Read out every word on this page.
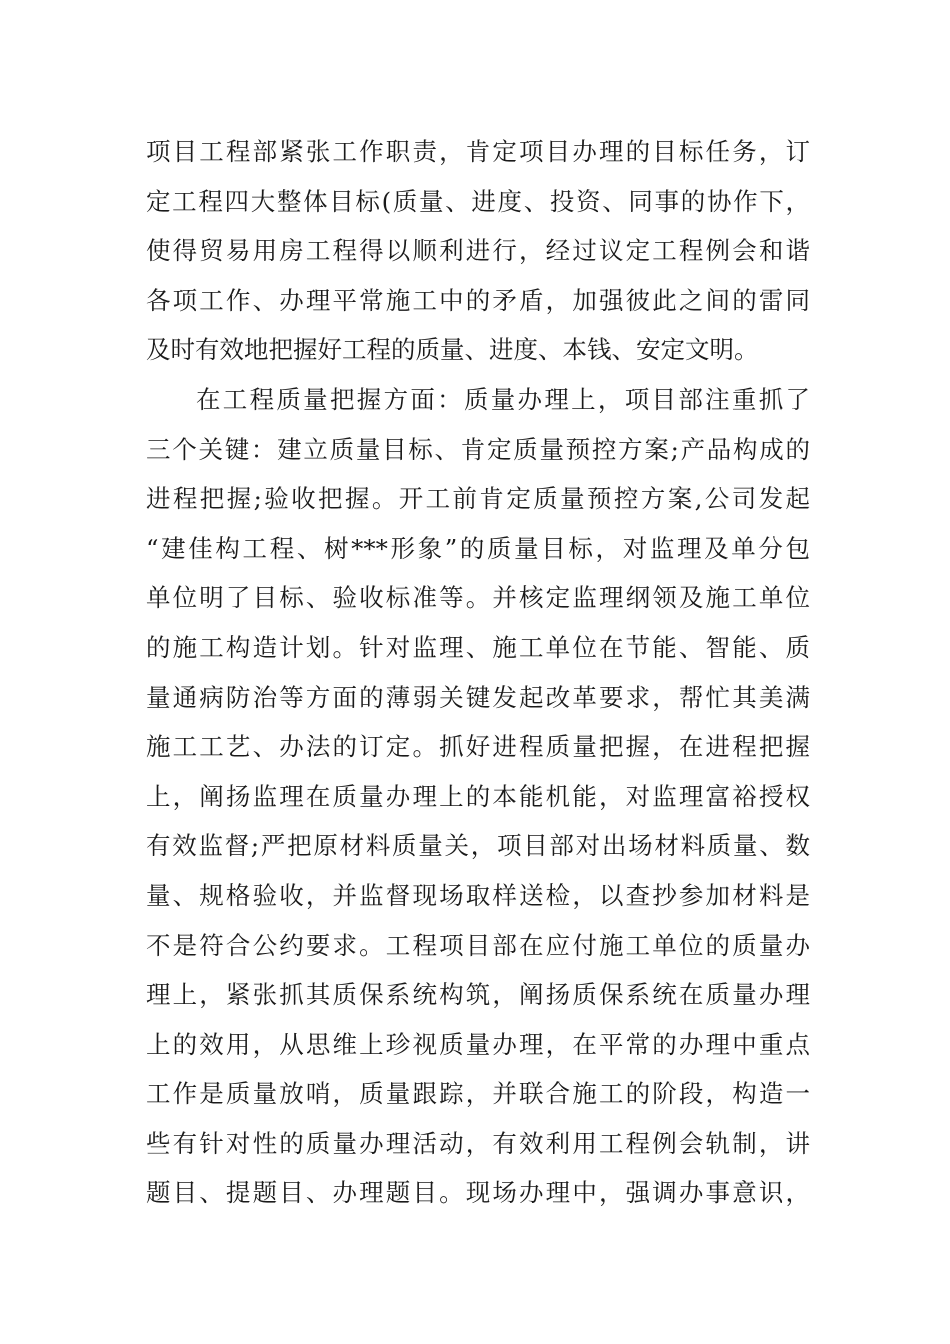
项目工程部紧张工作职责，肯定项目办理的目标任务，订
定工程四大整体目标(质量、进度、投资、同事的协作下，
使得贸易用房工程得以顺利进行，经过议定工程例会和谐
各项工作、办理平常施工中的矛盾，加强彼此之间的雷同
及时有效地把握好工程的质量、进度、本钱、安定文明。
在工程质量把握方面：质量办理上，项目部注重抓了
三个关键：建立质量目标、肯定质量预控方案;产品构成的
进程把握;验收把握。开工前肯定质量预控方案,公司发起
“建佳构工程、树***形象”的质量目标，对监理及单分包
单位明了目标、验收标准等。并核定监理纲领及施工单位
的施工构造计划。针对监理、施工单位在节能、智能、质
量通病防治等方面的薄弱关键发起改革要求，帮忙其美满
施工工艺、办法的订定。抓好进程质量把握，在进程把握
上，阐扬监理在质量办理上的本能机能，对监理富裕授权
有效监督;严把原材料质量关，项目部对出场材料质量、数
量、规格验收，并监督现场取样送检，以查抄参加材料是
不是符合公约要求。工程项目部在应付施工单位的质量办
理上，紧张抓其质保系统构筑，阐扬质保系统在质量办理
上的效用，从思维上珍视质量办理，在平常的办理中重点
工作是质量放哨，质量跟踪，并联合施工的阶段，构造一
些有针对性的质量办理活动，有效利用工程例会轨制，讲
题目、提题目、办理题目。现场办理中，强调办事意识，
